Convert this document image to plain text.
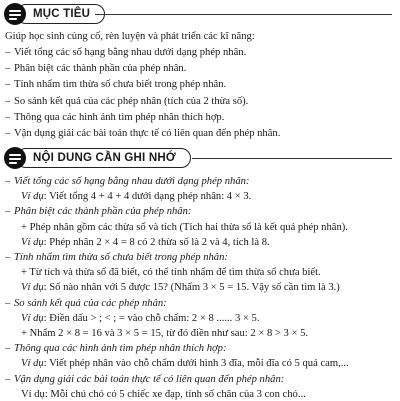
MỤC TIÊU
Giúp học sinh củng cố, rèn luyện và phát triển các kĩ năng:
– Viết tổng các số hạng bằng nhau dưới dạng phép nhân.
– Phân biệt các thành phần của phép nhân.
– Tính nhẩm tìm thừa số chưa biết trong phép nhân.
– So sánh kết quả của các phép nhân (tích của 2 thừa số).
– Thông qua các hình ảnh tìm phép nhân thích hợp.
– Vận dụng giải các bài toán thực tế có liên quan đến phép nhân.
NỘI DUNG CẦN GHI NHỚ
– Viết tổng các số hạng bằng nhau dưới dạng phép nhân:
Ví dụ: Viết tổng 4 + 4 + 4 dưới dạng phép nhân: 4 × 3.
– Phân biệt các thành phần của phép nhân:
+ Phép nhân gồm các thừa số và tích (Tích hai thừa số là kết quả phép nhân).
Ví dụ: Phép nhân 2 × 4 = 8 có 2 thừa số là 2 và 4, tích là 8.
– Tính nhẩm tìm thừa số chưa biết trong phép nhân:
+ Từ tích và thừa số đã biết, có thể tính nhẩm để tìm thừa số chưa biết.
Ví dụ: Số nào nhân với 5 được 15? (Nhẩm 3 × 5 = 15. Vậy số cần tìm là 3.)
– So sánh kết quả của các phép nhân:
Ví dụ: Điền dấu > ; < ; = vào chỗ chấm: 2 × 8 ...... 3 × 5.
+ Nhẩm 2 × 8 = 16 và 3 × 5 = 15, từ đó điền như sau: 2 × 8 > 3 × 5.
– Thông qua các hình ảnh tìm phép nhân thích hợp:
Ví dụ: Viết phép nhân vào chỗ chấm dưới hình 3 đĩa, mỗi đĩa có 5 quả cam,...
– Vận dụng giải các bài toán thực tế có liên quan đến phép nhân:
Ví dụ: Mỗi chú chó có 5 chiếc xe đạp, tính số chân của 3 con chó...
